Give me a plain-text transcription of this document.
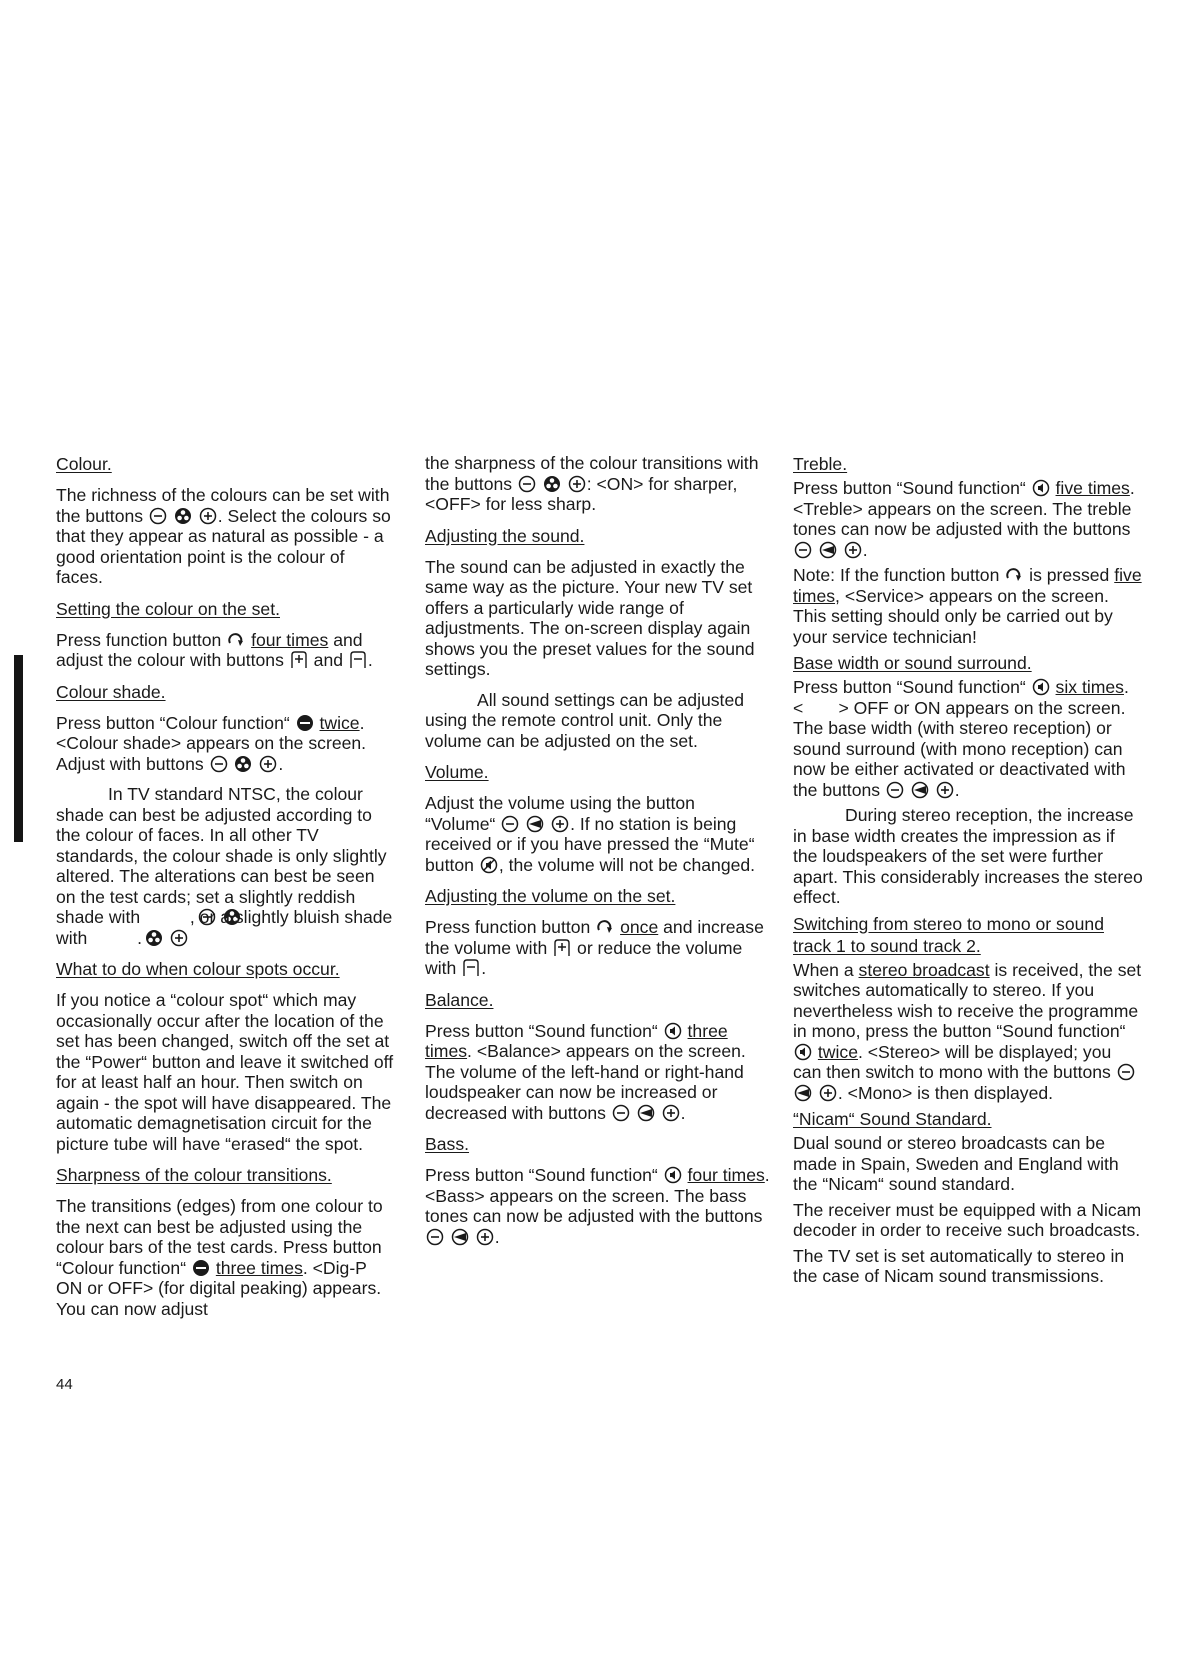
Colour.
The richness of the colours can be set with the buttons	. Select the colours so that they appear as natural as possible - a good orientation point is the colour of faces.
Setting the colour on the set.
Press function button  four times and adjust the colour with buttons  and .
Colour shade.
Press button “Colour function“  twice. <Colour shade> appears on the screen. Adjust with buttons	.
In TV standard NTSC, the colour shade can best be adjusted according to the colour of faces. In all other TV standards, the colour shade is only slightly altered. The alterations can best be seen on the test cards; set a slightly reddish shade with	, or a slightly bluish shade with	.
What to do when colour spots occur.
If you notice a “colour spot“ which may occasionally occur after the location of the set has been changed, switch off the set at the “Power“ button and leave it switched off for at least half an hour. Then switch on again - the spot will have disappeared. The automatic demagnetisation circuit for the picture tube will have “erased“ the spot.
Sharpness of the colour transitions.
The transitions (edges) from one colour to the next can best be adjusted using the colour bars of the test cards. Press button “Colour function“  three times. <Dig-P ON or OFF> (for digital peaking) appears. You can now adjust
the sharpness of the colour transitions with the buttons	: <ON> for sharper, <OFF> for less sharp.
Adjusting the sound.
The sound can be adjusted in exactly the same way as the picture. Your new TV set offers a particularly wide range of adjustments. The on-screen display again shows you the preset values for the sound settings.
All sound settings can be adjusted using the remote control unit. Only the volume can be adjusted on the set.
Volume.
Adjust the volume using the button “Volume“	. If no station is being received or if you have pressed the “Mute“ button , the volume will not be changed.
Adjusting the volume on the set.
Press function button  once and increase the volume with  or reduce the volume with .
Balance.
Press button “Sound function“  three times. <Balance> appears on the screen. The volume of the left-hand or right-hand loudspeaker can now be increased or decreased with buttons	.
Bass.
Press button “Sound function“  four times. <Bass> appears on the screen. The bass tones can now be adjusted with the buttons   .
Treble.
Press button “Sound function“  five times. <Treble> appears on the screen. The treble tones can now be adjusted with the buttons   .
Note: If the function button  is pressed five times, <Service> appears on the screen. This setting should only be carried out by your service technician!
Base width or sound surround.
Press button “Sound function“  six times. <  > OFF or ON appears on the screen. The base width (with stereo reception) or sound surround (with mono reception) can now be either activated or deactivated with the buttons	.
During stereo reception, the increase in base width creates the impression as if the loudspeakers of the set were further apart. This considerably increases the stereo effect.
Switching from stereo to mono or sound track 1 to sound track 2.
When a stereo broadcast is received, the set switches automatically to stereo. If you nevertheless wish to receive the programme in mono, press the button “Sound function“  twice. <Stereo> will be displayed; you can then switch to mono with the buttons   . <Mono> is then displayed.
“Nicam“ Sound Standard.
Dual sound or stereo broadcasts can be made in Spain, Sweden and England with the “Nicam“ sound standard.
The receiver must be equipped with a Nicam decoder in order to receive such broadcasts.
The TV set is set automatically to stereo in the case of Nicam sound transmissions.
44
